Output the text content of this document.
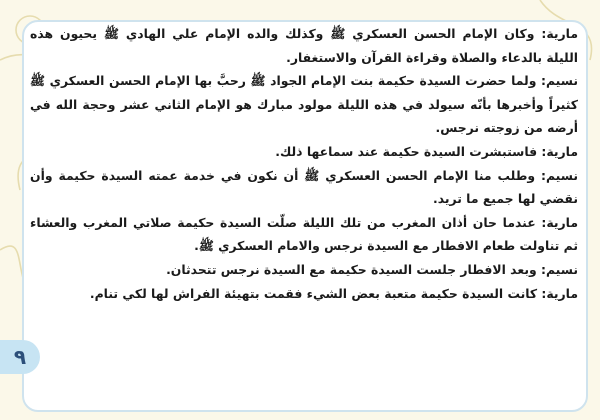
مارية: وكان الإمام الحسن العسكري ﷺ وكذلك والده الإمام علي الهادي ﷺ يحيون هذه الليلة بالدعاء والصلاة وقراءة القرآن والاستغفار.

نسيم: ولما حضرت السيدة حكيمة بنت الإمام الجواد ﷺ رحبَّ بها الإمام الحسن العسكري ﷺ كثيراً وأخبرها بأنّه سيولد في هذه الليلة مولود مبارك هو الإمام الثاني عشر وحجة الله في أرضه من زوجته نرجس.

مارية: فاستبشرت السيدة حكيمة عند سماعها ذلك.

نسيم: وطلب منا الإمام الحسن العسكري ﷺ أن نكون في خدمة عمته السيدة حكيمة وأن نقضي لها جميع ما تريد.

مارية: عندما حان أذان المغرب من تلك الليلة صلّت السيدة حكيمة صلاتي المغرب والعشاء ثم تناولت طعام الافطار مع السيدة نرجس والامام العسكري ﷺ.

نسيم: وبعد الافطار جلست السيدة حكيمة مع السيدة نرجس تتحدثان.

مارية: كانت السيدة حكيمة متعبة بعض الشيء فقمت بتهيئة الفراش لها لكي تنام.

٩
